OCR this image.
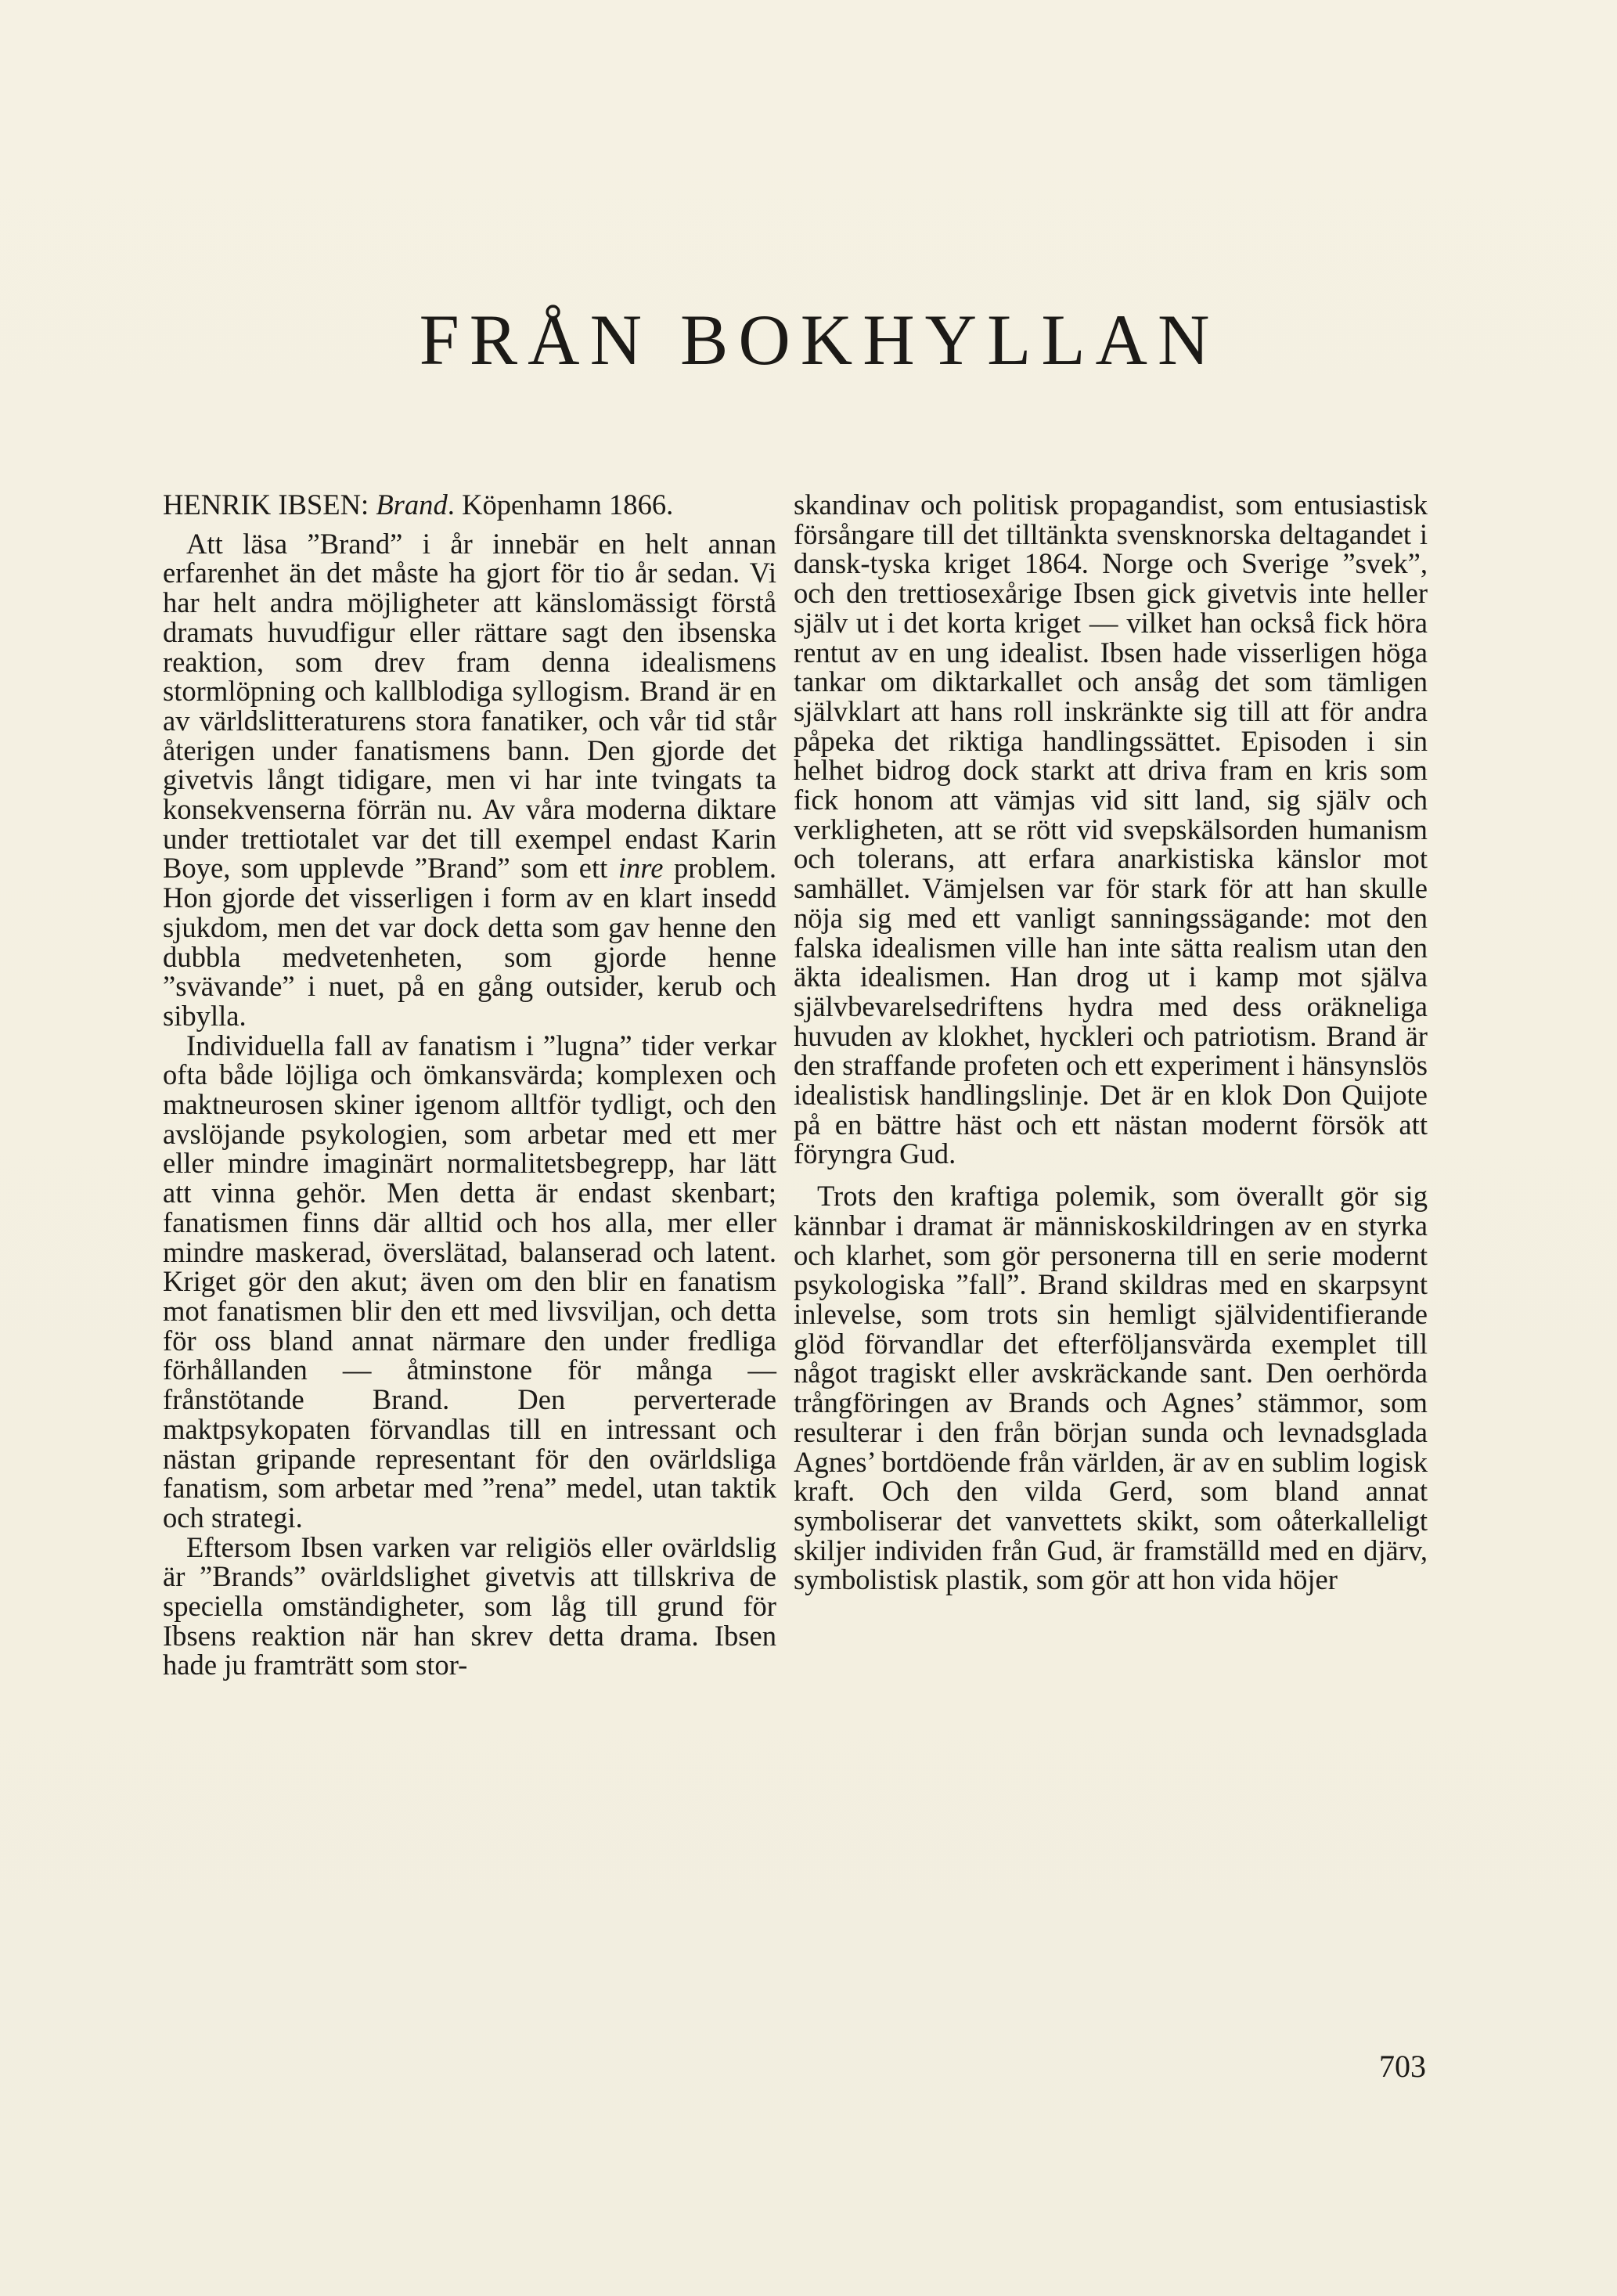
FRÅN BOKHYLLAN

HENRIK IBSEN: Brand. Köpenhamn 1866.

Att läsa ”Brand” i år innebär en helt annan erfarenhet än det måste ha gjort för tio år sedan. Vi har helt andra möjligheter att känslomässigt förstå dramats huvudfigur eller rättare sagt den ibsenska reaktion, som drev fram denna idealismens stormlöpning och kallblodiga syllogism. Brand är en av världslitteraturens stora fanatiker, och vår tid står återigen under fanatismens bann. Den gjorde det givetvis långt tidigare, men vi har inte tvingats ta konsekvenserna förrän nu. Av våra moderna diktare under trettiotalet var det till exempel endast Karin Boye, som upplevde ”Brand” som ett inre problem. Hon gjorde det visserligen i form av en klart insedd sjukdom, men det var dock detta som gav henne den dubbla medvetenheten, som gjorde henne ”svävande” i nuet, på en gång outsider, kerub och sibylla.

Individuella fall av fanatism i ”lugna” tider verkar ofta både löjliga och ömkansvärda; komplexen och maktneurosen skiner igenom alltför tydligt, och den avslöjande psykologien, som arbetar med ett mer eller mindre imaginärt normalitetsbegrepp, har lätt att vinna gehör. Men detta är endast skenbart; fanatismen finns där alltid och hos alla, mer eller mindre maskerad, överslätad, balanserad och latent. Kriget gör den akut; även om den blir en fanatism mot fanatismen blir den ett med livsviljan, och detta för oss bland annat närmare den under fredliga förhållanden — åtminstone för många — frånstötande Brand. Den perverterade maktpsykopaten förvandlas till en intressant och nästan gripande representant för den ovärldsliga fanatism, som arbetar med ”rena” medel, utan taktik och strategi.

Eftersom Ibsen varken var religiös eller ovärldslig är ”Brands” ovärldslighet givetvis att tillskriva de speciella omständigheter, som låg till grund för Ibsens reaktion när han skrev detta drama. Ibsen hade ju framträtt som stor-

skandinav och politisk propagandist, som entusiastisk försångare till det tilltänkta svensknorska deltagandet i dansk-tyska kriget 1864. Norge och Sverige ”svek”, och den trettiosexårige Ibsen gick givetvis inte heller själv ut i det korta kriget — vilket han också fick höra rentut av en ung idealist. Ibsen hade visserligen höga tankar om diktarkallet och ansåg det som tämligen självklart att hans roll inskränkte sig till att för andra påpeka det riktiga handlingssättet. Episoden i sin helhet bidrog dock starkt att driva fram en kris som fick honom att vämjas vid sitt land, sig själv och verkligheten, att se rött vid svepskälsorden humanism och tolerans, att erfara anarkistiska känslor mot samhället. Vämjelsen var för stark för att han skulle nöja sig med ett vanligt sanningssägande: mot den falska idealismen ville han inte sätta realism utan den äkta idealismen. Han drog ut i kamp mot själva självbevarelsedriftens hydra med dess oräkneliga huvuden av klokhet, hyckleri och patriotism. Brand är den straffande profeten och ett experiment i hänsynslös idealistisk handlingslinje. Det är en klok Don Quijote på en bättre häst och ett nästan modernt försök att föryngra Gud.

Trots den kraftiga polemik, som överallt gör sig kännbar i dramat är människoskildringen av en styrka och klarhet, som gör personerna till en serie modernt psykologiska ”fall”. Brand skildras med en skarpsynt inlevelse, som trots sin hemligt självidentifierande glöd förvandlar det efterföljansvärda exemplet till något tragiskt eller avskräckande sant. Den oerhörda trångföringen av Brands och Agnes’ stämmor, som resulterar i den från början sunda och levnadsglada Agnes’ bortdöende från världen, är av en sublim logisk kraft. Och den vilda Gerd, som bland annat symboliserar det vanvettets skikt, som oåterkalleligt skiljer individen från Gud, är framställd med en djärv, symbolistisk plastik, som gör att hon vida höjer

703
